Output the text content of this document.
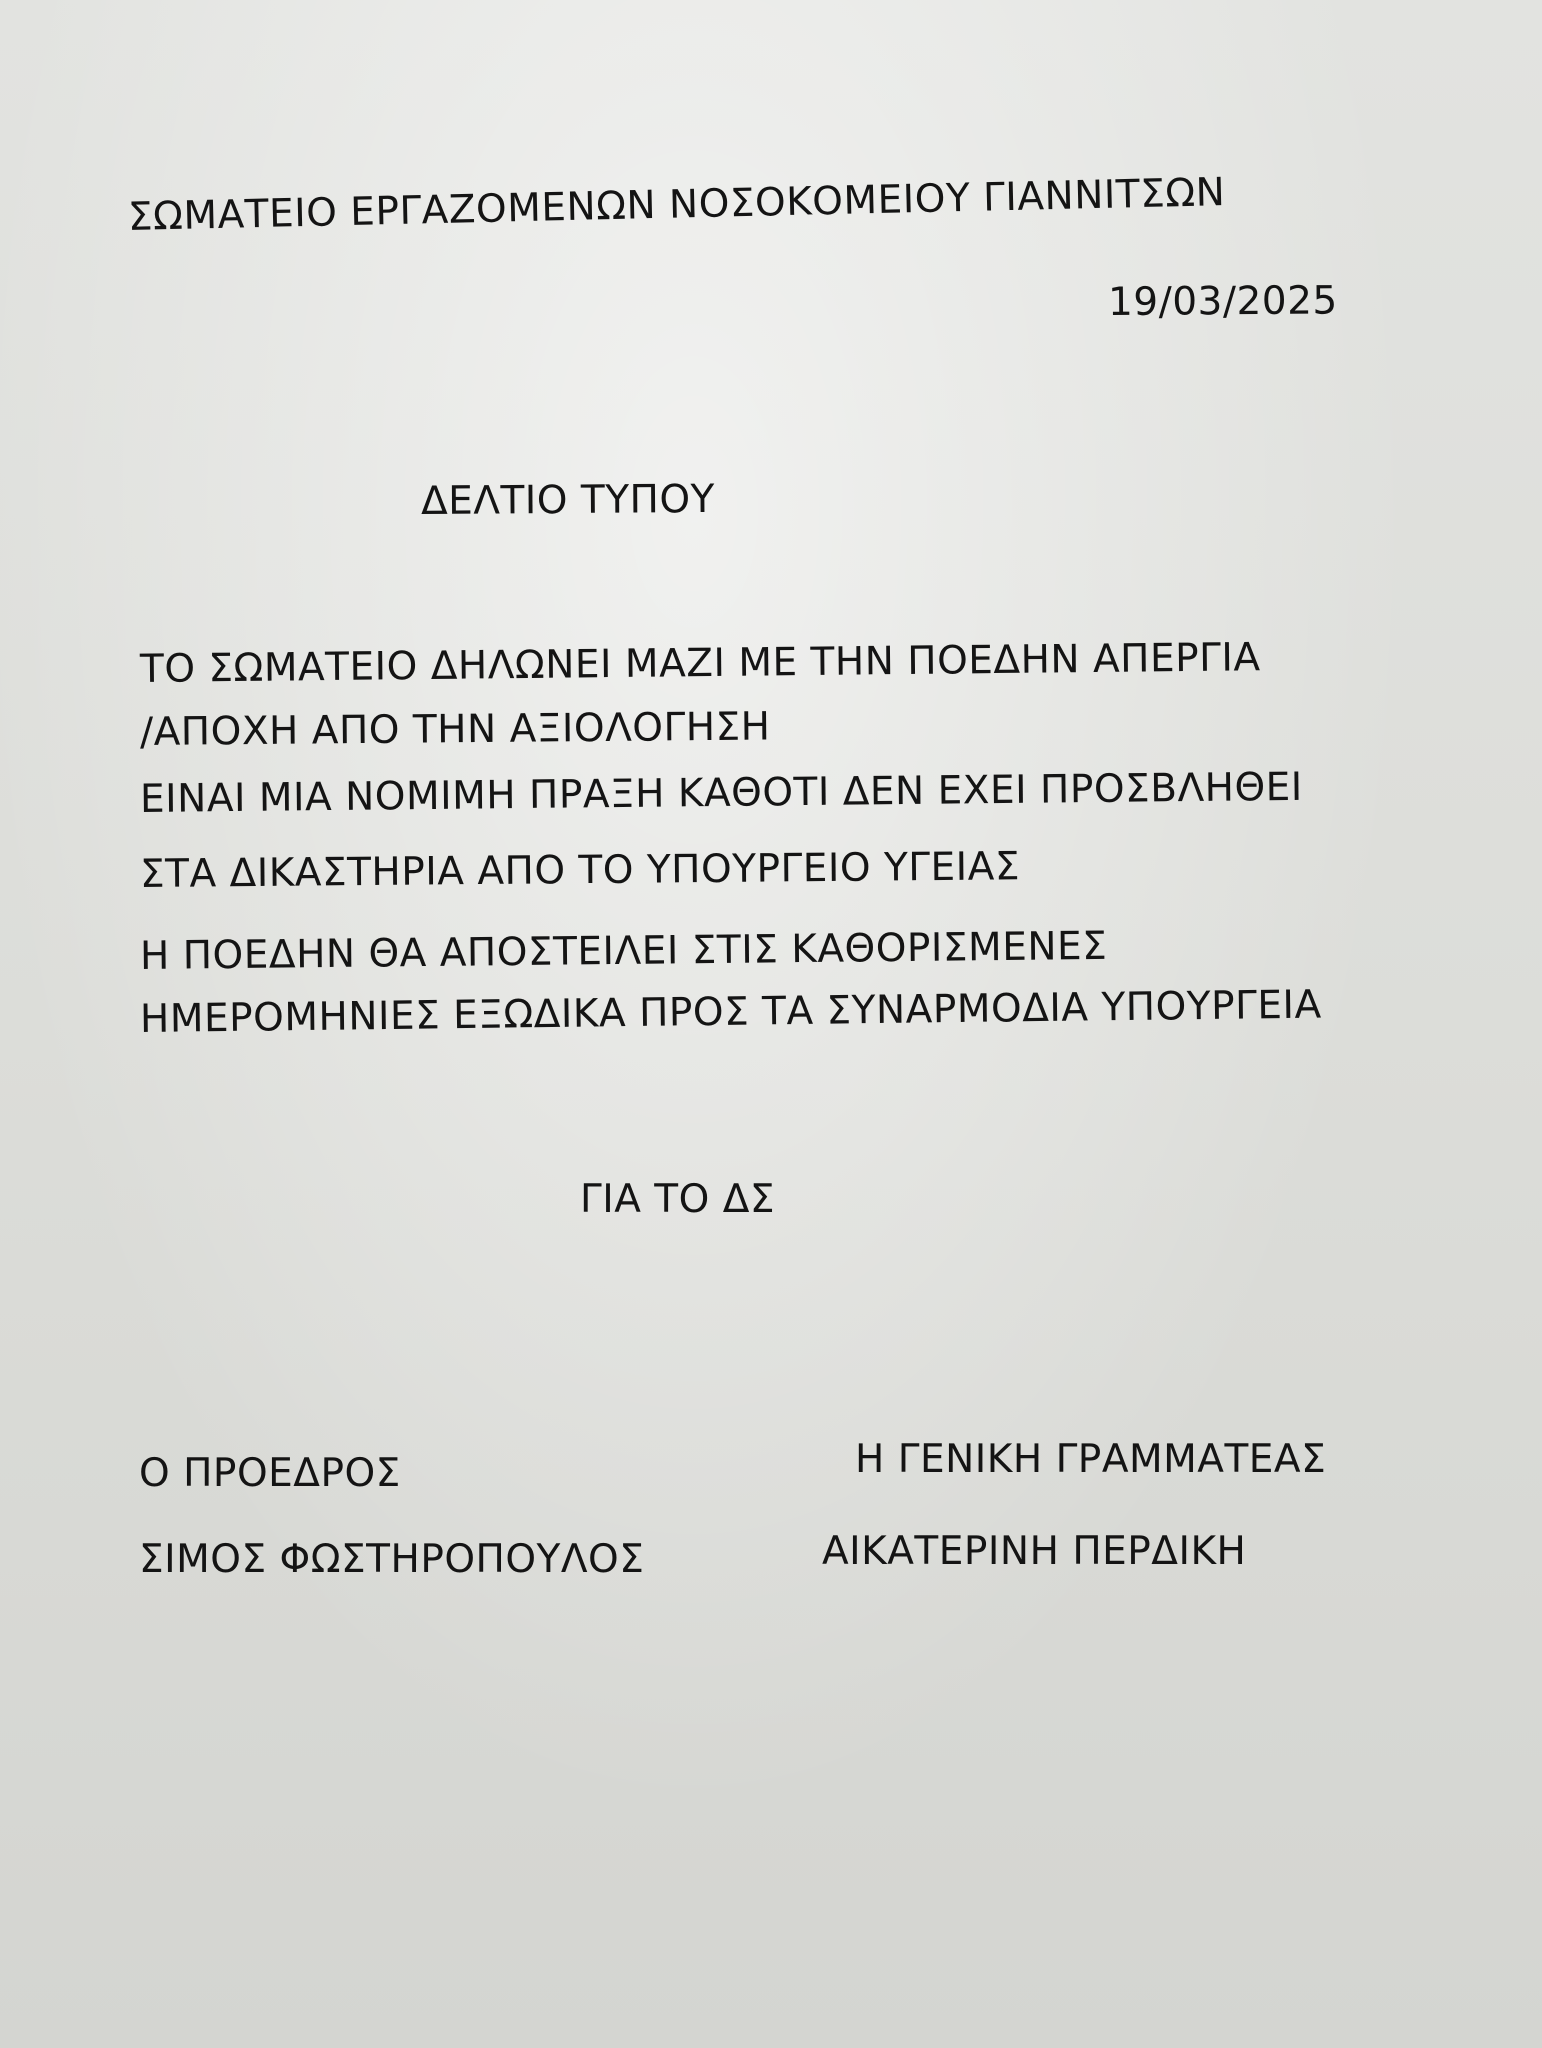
ΣΩΜΑΤΕΙΟ ΕΡΓΑΖΟΜΕΝΩΝ ΝΟΣΟΚΟΜΕΙΟΥ ΓΙΑΝΝΙΤΣΩΝ

19/03/2025

ΔΕΛΤΙΟ ΤΥΠΟΥ

ΤΟ ΣΩΜΑΤΕΙΟ ΔΗΛΩΝΕΙ ΜΑΖΙ ΜΕ ΤΗΝ ΠΟΕΔΗΝ ΑΠΕΡΓΙΑ

/ΑΠΟΧΗ ΑΠΟ ΤΗΝ ΑΞΙΟΛΟΓΗΣΗ

ΕΙΝΑΙ ΜΙΑ ΝΟΜΙΜΗ ΠΡΑΞΗ ΚΑΘΟΤΙ ΔΕΝ ΕΧΕΙ ΠΡΟΣΒΛΗΘΕΙ

ΣΤΑ ΔΙΚΑΣΤΗΡΙΑ ΑΠΟ ΤΟ ΥΠΟΥΡΓΕΙΟ ΥΓΕΙΑΣ

Η ΠΟΕΔΗΝ ΘΑ ΑΠΟΣΤΕΙΛΕΙ ΣΤΙΣ ΚΑΘΟΡΙΣΜΕΝΕΣ

ΗΜΕΡΟΜΗΝΙΕΣ ΕΞΩΔΙΚΑ ΠΡΟΣ ΤΑ ΣΥΝΑΡΜΟΔΙΑ ΥΠΟΥΡΓΕΙΑ

ΓΙΑ ΤΟ ΔΣ

Ο ΠΡΟΕΔΡΟΣ	Η ΓΕΝΙΚΗ ΓΡΑΜΜΑΤΕΑΣ

ΣΙΜΟΣ ΦΩΣΤΗΡΟΠΟΥΛΟΣ	ΑΙΚΑΤΕΡΙΝΗ ΠΕΡΔΙΚΗ
